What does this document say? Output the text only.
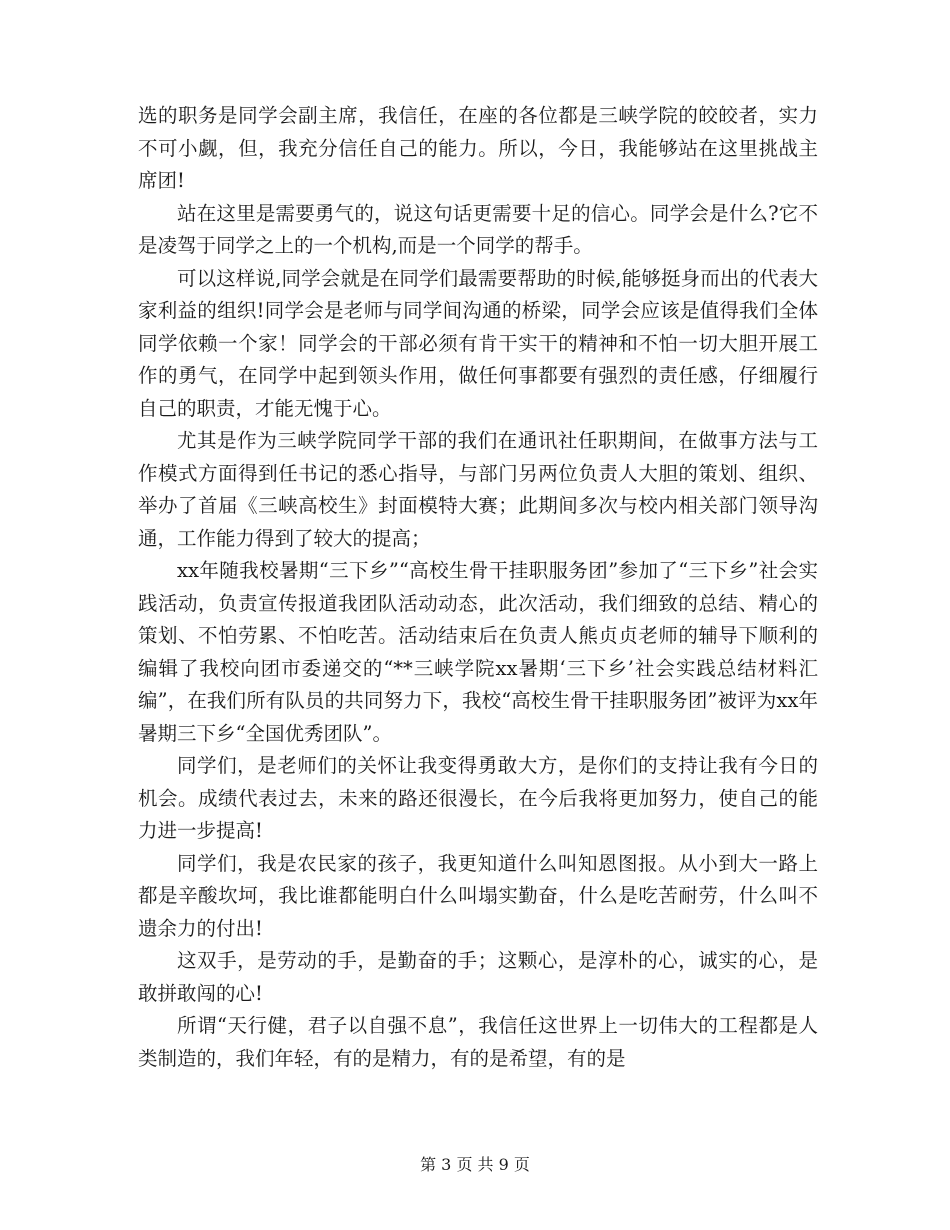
选的职务是同学会副主席，我信任，在座的各位都是三峡学院的皎皎者，实力不可小觑，但，我充分信任自己的能力。所以，今日，我能够站在这里挑战主席团!

站在这里是需要勇气的，说这句话更需要十足的信心。同学会是什么?它不是凌驾于同学之上的一个机构,而是一个同学的帮手。

可以这样说,同学会就是在同学们最需要帮助的时候,能够挺身而出的代表大家利益的组织!同学会是老师与同学间沟通的桥梁，同学会应该是值得我们全体同学依赖一个家！同学会的干部必须有肯干实干的精神和不怕一切大胆开展工作的勇气，在同学中起到领头作用，做任何事都要有强烈的责任感，仔细履行自己的职责，才能无愧于心。

尤其是作为三峡学院同学干部的我们在通讯社任职期间，在做事方法与工作模式方面得到任书记的悉心指导，与部门另两位负责人大胆的策划、组织、举办了首届《三峡高校生》封面模特大赛；此期间多次与校内相关部门领导沟通，工作能力得到了较大的提高；

xx年随我校暑期“三下乡”“高校生骨干挂职服务团”参加了“三下乡”社会实践活动，负责宣传报道我团队活动动态，此次活动，我们细致的总结、精心的策划、不怕劳累、不怕吃苦。活动结束后在负责人熊贞贞老师的辅导下顺利的编辑了我校向团市委递交的“**三峡学院xx暑期‘三下乡’社会实践总结材料汇编”，在我们所有队员的共同努力下，我校“高校生骨干挂职服务团”被评为xx年暑期三下乡“全国优秀团队”。

同学们，是老师们的关怀让我变得勇敢大方，是你们的支持让我有今日的机会。成绩代表过去，未来的路还很漫长，在今后我将更加努力，使自己的能力进一步提高!

同学们，我是农民家的孩子，我更知道什么叫知恩图报。从小到大一路上都是辛酸坎坷，我比谁都能明白什么叫塌实勤奋，什么是吃苦耐劳，什么叫不遗余力的付出!

这双手，是劳动的手，是勤奋的手；这颗心，是淳朴的心，诚实的心，是敢拼敢闯的心!

所谓“天行健，君子以自强不息”，我信任这世界上一切伟大的工程都是人类制造的，我们年轻，有的是精力，有的是希望，有的是

第 3 页 共 9 页
